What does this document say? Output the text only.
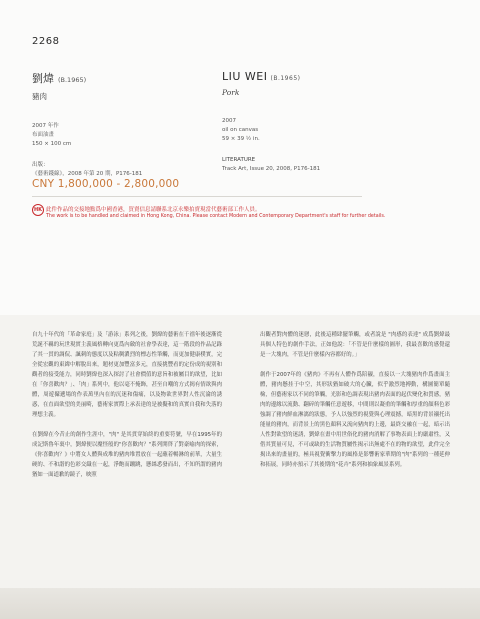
2268
劉煒 (B.1965)
豬肉
2007 年作
布面油畫
150 × 100 cm
出版：
《藝術錢線》，2008 年第 20 期，P176-181
LIU WEI (B.1965)
Pork
2007
oil on canvas
59 × 39 ½ in.
LITERATURE
Track Art, Issue 20, 2008, P176-181
CNY 1,800,000 - 2,800,000
HK 此件作品的交接地點爲中國香港，買賣信息請聯系北京永樂拍賣現當代藝術部工作人員。
The work is to be handled and claimed in Hong Kong, China. Please contact Modern and Contemporary Department's staff for further details.

自九十年代的「革命家庭」及「游泳」系列之後，劉煒的藝術在千禧年後逐漸從荒誕不羈的玩世現實主義風格轉向更爲內斂的社會學表達，這一階段的作品記錄了其一貫的調侃、諷刺的態度以及粘稠濃烈的標志性筆觸，而更加健康樸實，完全從宏觀的東緯中解脫出來，題材更加豐富多元，直接挑豐看的定份成的視別和觀者的接受能力，同時劉煒也深入探討了社會價值的意旨和被屬目的欲望，比如在「你喜歡肉？」、「肉」系列中，他以毫不掩飾，甚至自嘲的方式揭有情欲與肉體，周遊攝遞場的作表萬里內在的沉迷和傷痛，以及物欲世界對人性沉淪的誘惑，在直面欲望的美丽畸，藝術家實際上承表達的是被擬和的真實自我和失落的理想主義。

在劉煒在今昔止的創作生涯中，"肉" 是其貫穿始終的重要符號，早在1995年的成記斯魯年裏中，劉煒便以魔怪般的"你喜歡肉？"系列開啓了對豪喻肉的探索，《你喜歡肉？》中將女人體與成堆的豬肉堆置放在一起蘸着暢淋的前華，大量生硬的、不和諧的色彩交織在一起，淨飽而蹦跳，懸絲悉發而出，不知所謂的豬肉猶如一面道歉的鏡子，映照

出觀者對肉體的迷戀，此後這種肆擺筆觸，或者說是 "肉感的表達" 成爲劉煒最具個人特色的創作手法，正如他說：「不管是什麼樣的圖形，我最喜歡的感覺還是一大塊肉，不管是什麼樣內容都好的。」

創作于2007年的《豬肉》不再有人體作爲陪襯，直接以一大塊豬肉作爲畫面主體，豬肉懸挂于中空，其形狀猶如破大的心臟，似乎激烈地搏動，構圖簡單隨檢，但藝術家以不同的筆觸，光影和色調表現出豬肉表面的起伏變化和質感，豬肉的邊緣以流動、翻碎的筆觸任意遊移，中間則以凝重的筆觸和厚重的顏料色彩強調了豬肉鮮血淋漓的狀態，予人以強烈的視覺與心理震撼，暗黑的背景襯托出能量的豬肉，而背景上的黑色顏料又流向豬肉的上邊，最終交融在一起，暗示出人性對欲望的迷誘，劉煒在畫中用世俗化的豬肉消解了事物表面上的嚴肅性，又借其質量可見，不可或缺的生活物質屬性揭示出無處不在的物的欲望，此件完全揭出來的畫量的，極具視覺衝擊力的風格是影響術家華期的"肉"系列的一種延伸和拓展，同時亦預示了其後期的"花卉"系列和抽象風景系列。
